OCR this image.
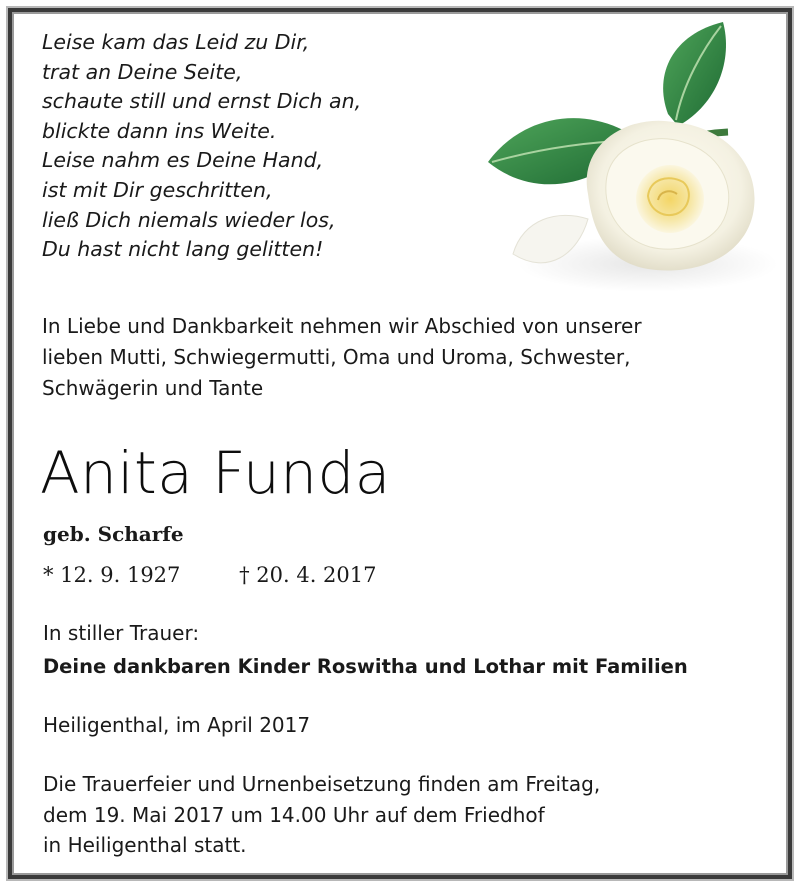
Leise kam das Leid zu Dir,
trat an Deine Seite,
schaute still und ernst Dich an,
blickte dann ins Weite.
Leise nahm es Deine Hand,
ist mit Dir geschritten,
ließ Dich niemals wieder los,
Du hast nicht lang gelitten!
In Liebe und Dankbarkeit nehmen wir Abschied von unserer
lieben Mutti, Schwiegermutti, Oma und Uroma, Schwester,
Schwägerin und Tante
Anita Funda
geb. Scharfe
* 12. 9. 1927	† 20. 4. 2017
In stiller Trauer:
Deine dankbaren Kinder Roswitha und Lothar mit Familien
Heiligenthal, im April 2017
Die Trauerfeier und Urnenbeisetzung finden am Freitag,
dem 19. Mai 2017 um 14.00 Uhr auf dem Friedhof
in Heiligenthal statt.
